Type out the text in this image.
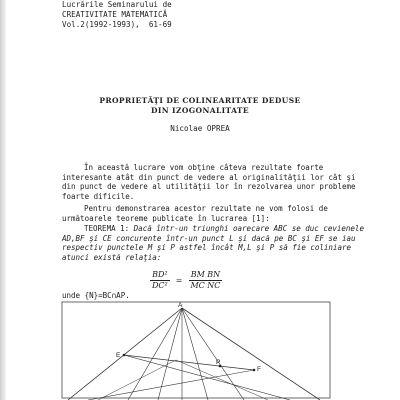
Lucrările Seminarului de
CREATIVITATE MATEMATICĂ
Vol.2(1992-1993),  61-69
PROPRIETĂŢI DE COLINEARITATE DEDUSE
DIN IZOGONALITATE
Nicolae OPREA
În această lucrare vom obţine câteva rezultate foarte
interesante atât din punct de vedere al originalităţii lor cât şi
din punct de vedere al utilităţii lor în rezolvarea unor probleme
foarte dificile.
Pentru demonstrarea acestor rezultate ne vom folosi de
următoarele teoreme publicate în lucrarea [1]:
TEOREMA 1: Dacă într-un triunghi oarecare ABC se duc cevienele
AD,BF şi CE concurente într-un punct L şi dacă pe BC şi EF se iau
respectiv punctele M şi P astfel încât M,L şi P să fie coliniare
atunci există relaţia:
$\frac{\text{BD²}}{\text{DC²}} = \frac{\text{BM BN}}{\text{MC NC}}$
unde {N}=BC∩AP.
A
E
F
P
